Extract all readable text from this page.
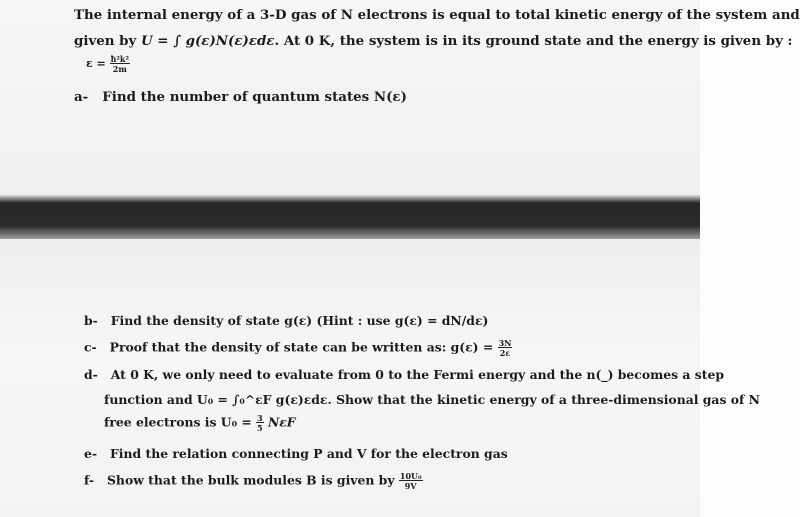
The internal energy of a 3-D gas of N electrons is equal to total kinetic energy of the system and
given by U = ∫ g(ε)N(ε)εdε. At 0 K, the system is in its ground state and the energy is given by :
$\varepsilon = \frac{\text{ħ²k²}}{2m}$
a- Find the number of quantum states N(ε)
b- Find the density of state g(ε) (Hint : use g(ε) = dN/dε)
c- Proof that the density of state can be written as: $g(\varepsilon) = \frac{3N}{2\varepsilon}$
d- At 0 K, we only need to evaluate from 0 to the Fermi energy and the n(_) becomes a step
function and U₀ = ∫₀^εF g(ε)εdε. Show that the kinetic energy of a three-dimensional gas of N
free electrons is $U_0 = \frac{3}{5}$ NεF
e- Find the relation connecting P and V for the electron gas
f- Show that the bulk modules B is given by $\frac{\text{10U₀}}{9V}$
